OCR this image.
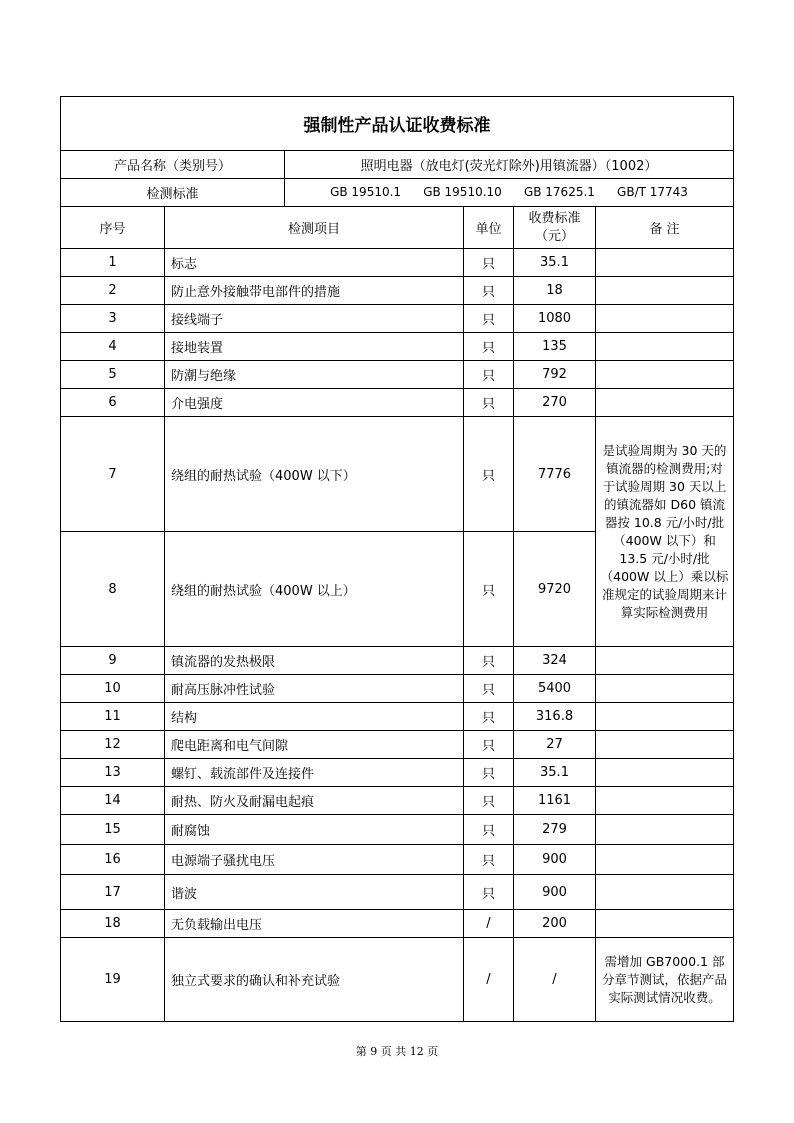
强制性产品认证收费标准					
产品名称（类别号）		照明电器（放电灯(荧光灯除外)用镇流器）（1002）			
检测标准		GB 19510.1 GB 19510.10 GB 17625.1 GB/T 17743			
序号	检测项目		单位	收费标准（元）	备 注
1	标志		只	35.1	
2	防止意外接触带电部件的措施		只	18	
3	接线端子		只	1080	
4	接地装置		只	135	
5	防潮与绝缘		只	792	
6	介电强度		只	270	
7	绕组的耐热试验（400W 以下）		只	7776	是试验周期为 30 天的镇流器的检测费用;对于试验周期 30 天以上的镇流器如 D60 镇流器按 10.8 元/小时/批（400W 以下）和 13.5 元/小时/批（400W 以上）乘以标准规定的试验周期来计算实际检测费用
8	绕组的耐热试验（400W 以上）		只	9720	
9	镇流器的发热极限		只	324	
10	耐高压脉冲性试验		只	5400	
11	结构		只	316.8	
12	爬电距离和电气间隙		只	27	
13	螺钉、载流部件及连接件		只	35.1	
14	耐热、防火及耐漏电起痕		只	1161	
15	耐腐蚀		只	279	
16	电源端子骚扰电压		只	900	
17	谐波		只	900	
18	无负载输出电压		/	200	
19	独立式要求的确认和补充试验		/	/	需增加 GB7000.1 部分章节测试，依据产品实际测试情况收费。
第 9 页 共 12 页
